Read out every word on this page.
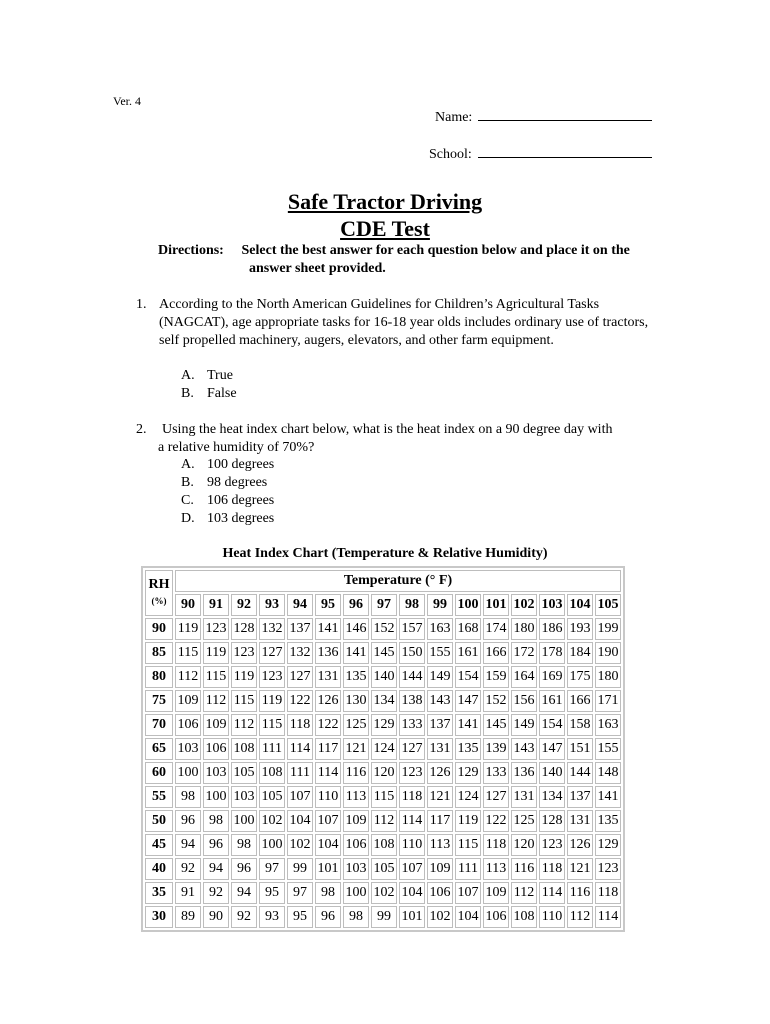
Ver. 4
Name:
School:
Safe Tractor Driving
CDE Test
Directions: Select the best answer for each question below and place it on the
answer sheet provided.
1. According to the North American Guidelines for Children’s Agricultural Tasks (NAGCAT), age appropriate tasks for 16-18 year olds includes ordinary use of tractors, self propelled machinery, augers, elevators, and other farm equipment.
A. True
B. False
2.	Using the heat index chart below, what is the heat index on a 90 degree day with
a relative humidity of 70%?
A. 100 degrees
B. 98 degrees
C. 106 degrees
D. 103 degrees
Heat Index Chart (Temperature & Relative Humidity)
RH
(%)	Temperature (° F)															
	90	91	92	93	94	95	96	97	98	99	100	101	102	103	104	105
90	119	123	128	132	137	141	146	152	157	163	168	174	180	186	193	199
85	115	119	123	127	132	136	141	145	150	155	161	166	172	178	184	190
80	112	115	119	123	127	131	135	140	144	149	154	159	164	169	175	180
75	109	112	115	119	122	126	130	134	138	143	147	152	156	161	166	171
70	106	109	112	115	118	122	125	129	133	137	141	145	149	154	158	163
65	103	106	108	111	114	117	121	124	127	131	135	139	143	147	151	155
60	100	103	105	108	111	114	116	120	123	126	129	133	136	140	144	148
55	98	100	103	105	107	110	113	115	118	121	124	127	131	134	137	141
50	96	98	100	102	104	107	109	112	114	117	119	122	125	128	131	135
45	94	96	98	100	102	104	106	108	110	113	115	118	120	123	126	129
40	92	94	96	97	99	101	103	105	107	109	111	113	116	118	121	123
35	91	92	94	95	97	98	100	102	104	106	107	109	112	114	116	118
30	89	90	92	93	95	96	98	99	101	102	104	106	108	110	112	114
